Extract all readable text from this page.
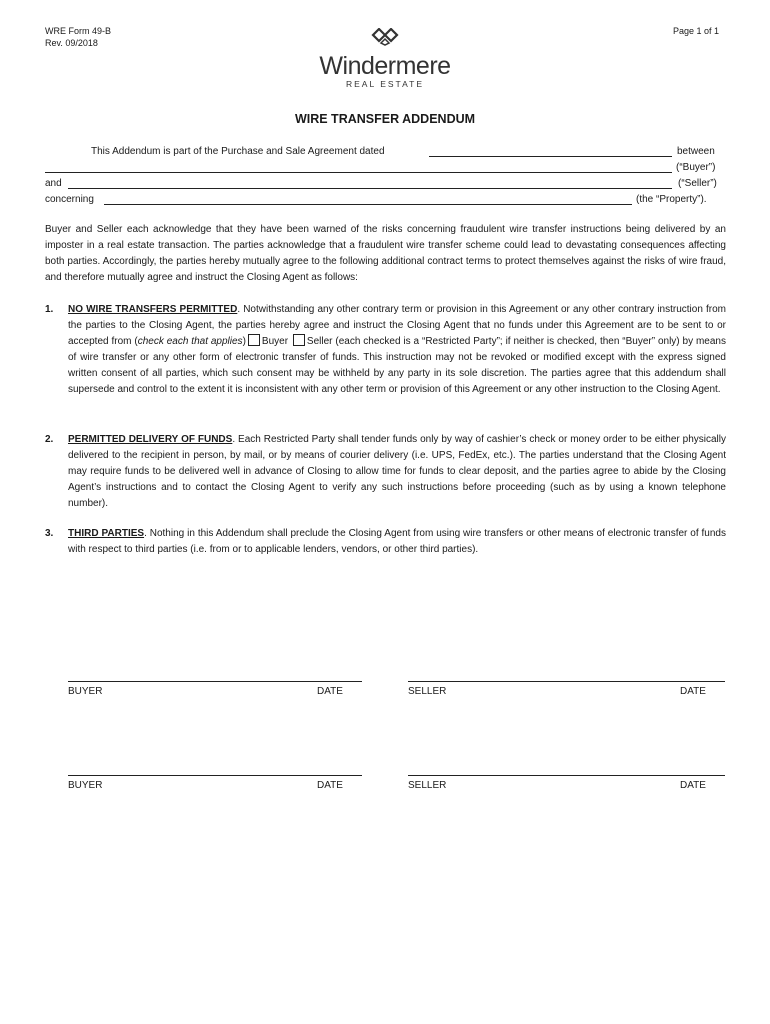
WRE Form 49-B
Rev. 09/2018
Page 1 of 1
Windermere
REAL ESTATE
WIRE TRANSFER ADDENDUM
This Addendum is part of the Purchase and Sale Agreement dated	between
(“Buyer”)
and	(“Seller”)
concerning	(the “Property”).
Buyer and Seller each acknowledge that they have been warned of the risks concerning fraudulent wire transfer instructions being delivered by an imposter in a real estate transaction. The parties acknowledge that a fraudulent wire transfer scheme could lead to devastating consequences affecting both parties. Accordingly, the parties hereby mutually agree to the following additional contract terms to protect themselves against the risks of wire fraud, and therefore mutually agree and instruct the Closing Agent as follows:
1. NO WIRE TRANSFERS PERMITTED. Notwithstanding any other contrary term or provision in this Agreement or any other contrary instruction from the parties to the Closing Agent, the parties hereby agree and instruct the Closing Agent that no funds under this Agreement are to be sent to or accepted from (check each that applies) Buyer Seller (each checked is a “Restricted Party”; if neither is checked, then “Buyer” only) by means of wire transfer or any other form of electronic transfer of funds. This instruction may not be revoked or modified except with the express signed written consent of all parties, which such consent may be withheld by any party in its sole discretion. The parties agree that this addendum shall supersede and control to the extent it is inconsistent with any other term or provision of this Agreement or any other instruction to the Closing Agent.
2. PERMITTED DELIVERY OF FUNDS. Each Restricted Party shall tender funds only by way of cashier’s check or money order to be either physically delivered to the recipient in person, by mail, or by means of courier delivery (i.e. UPS, FedEx, etc.). The parties understand that the Closing Agent may require funds to be delivered well in advance of Closing to allow time for funds to clear deposit, and the parties agree to abide by the Closing Agent’s instructions and to contact the Closing Agent to verify any such instructions before proceeding (such as by using a known telephone number).
3. THIRD PARTIES. Nothing in this Addendum shall preclude the Closing Agent from using wire transfers or other means of electronic transfer of funds with respect to third parties (i.e. from or to applicable lenders, vendors, or other third parties).
BUYER	DATE	SELLER	DATE
BUYER	DATE	SELLER	DATE
